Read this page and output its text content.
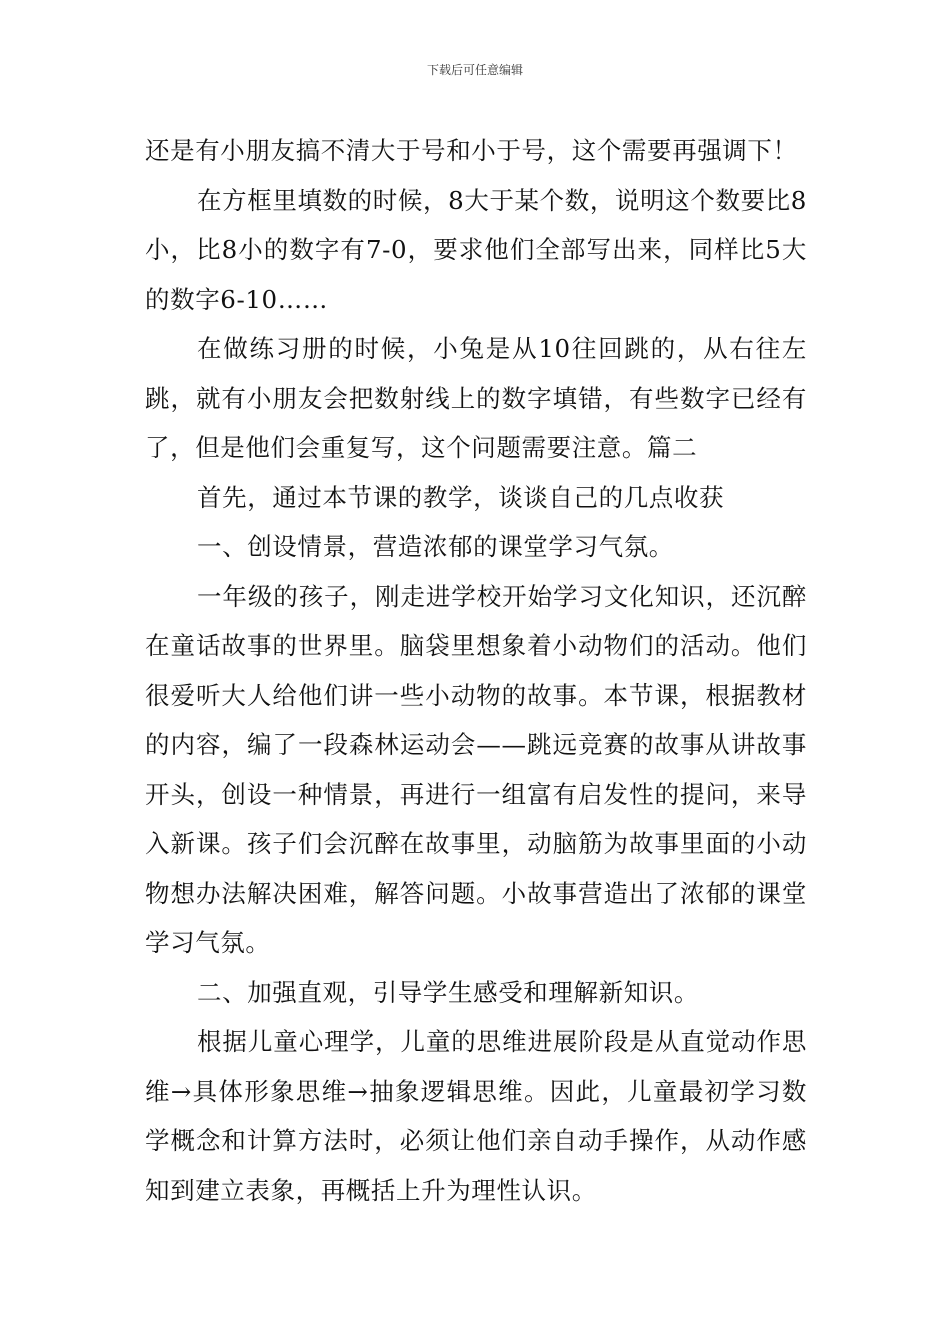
下载后可任意编辑

还是有小朋友搞不清大于号和小于号，这个需要再强调下！

在方框里填数的时候，8大于某个数，说明这个数要比8小，比8小的数字有7-0，要求他们全部写出来，同样比5大的数字6-10……

在做练习册的时候，小兔是从10往回跳的，从右往左跳，就有小朋友会把数射线上的数字填错，有些数字已经有了，但是他们会重复写，这个问题需要注意。篇二

首先，通过本节课的教学，谈谈自己的几点收获

一、创设情景，营造浓郁的课堂学习气氛。

一年级的孩子，刚走进学校开始学习文化知识，还沉醉在童话故事的世界里。脑袋里想象着小动物们的活动。他们很爱听大人给他们讲一些小动物的故事。本节课，根据教材的内容，编了一段森林运动会——跳远竞赛的故事从讲故事开头，创设一种情景，再进行一组富有启发性的提问，来导入新课。孩子们会沉醉在故事里，动脑筋为故事里面的小动物想办法解决困难，解答问题。小故事营造出了浓郁的课堂学习气氛。

二、加强直观，引导学生感受和理解新知识。

根据儿童心理学，儿童的思维进展阶段是从直觉动作思维→具体形象思维→抽象逻辑思维。因此，儿童最初学习数学概念和计算方法时，必须让他们亲自动手操作，从动作感知到建立表象，再概括上升为理性认识。
